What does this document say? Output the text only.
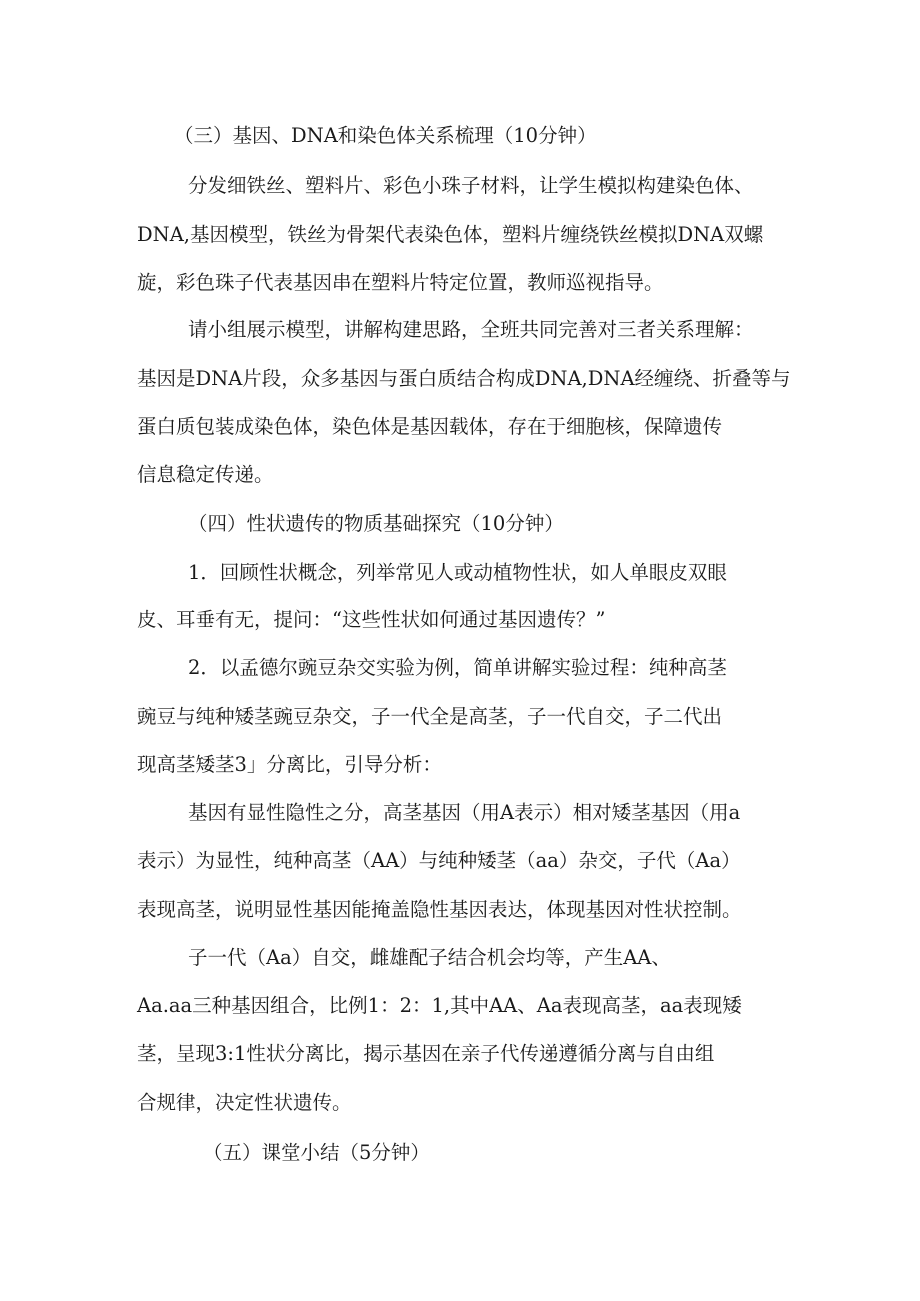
（三）基因、DNA和染色体关系梳理（10分钟）
分发细铁丝、塑料片、彩色小珠子材料，让学生模拟构建染色体、
DNA,基因模型，铁丝为骨架代表染色体，塑料片缠绕铁丝模拟DNA双螺
旋，彩色珠子代表基因串在塑料片特定位置，教师巡视指导。
请小组展示模型，讲解构建思路，全班共同完善对三者关系理解：
基因是DNA片段，众多基因与蛋白质结合构成DNA,DNA经缠绕、折叠等与
蛋白质包装成染色体，染色体是基因载体，存在于细胞核，保障遗传
信息稳定传递。
（四）性状遗传的物质基础探究（10分钟）
1．回顾性状概念，列举常见人或动植物性状，如人单眼皮双眼
皮、耳垂有无，提问：“这些性状如何通过基因遗传？”
2．以孟德尔豌豆杂交实验为例，简单讲解实验过程：纯种高茎
豌豆与纯种矮茎豌豆杂交，子一代全是高茎，子一代自交，子二代出
现高茎矮茎3」分离比，引导分析：
基因有显性隐性之分，高茎基因（用A表示）相对矮茎基因（用a
表示）为显性，纯种高茎（AA）与纯种矮茎（aa）杂交，子代（Aa）
表现高茎，说明显性基因能掩盖隐性基因表达，体现基因对性状控制。
子一代（Aa）自交，雌雄配子结合机会均等，产生AA、
Aa.aa三种基因组合，比例1：2：1,其中AA、Aa表现高茎，aa表现矮
茎，呈现3:1性状分离比，揭示基因在亲子代传递遵循分离与自由组
合规律，决定性状遗传。
（五）课堂小结（5分钟）
